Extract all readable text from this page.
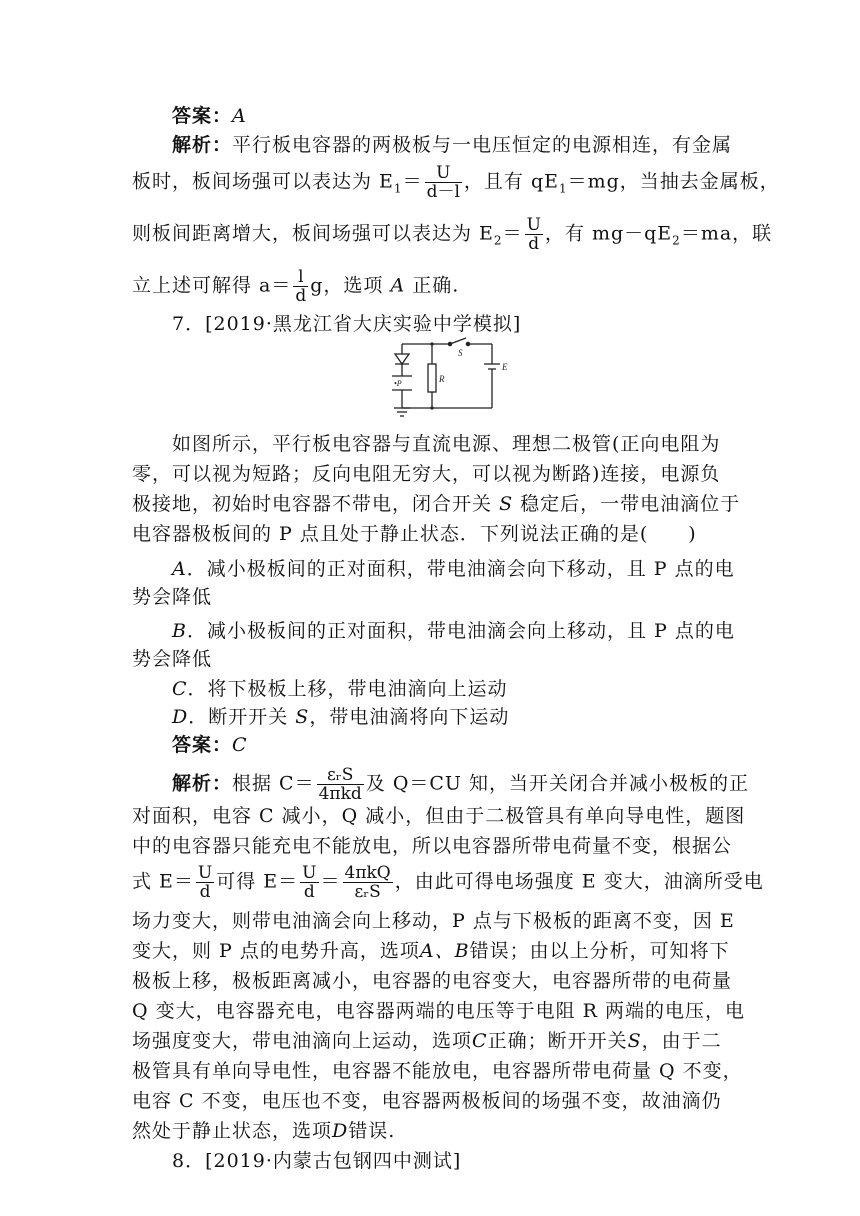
答案：A
解析：平行板电容器的两极板与一电压恒定的电源相连，有金属
板时，板间场强可以表达为 $E_1= \frac{U}{d-l}$ ，且有 $qE_1=mg$，当抽去金属板，
则板间距离增大，板间场强可以表达为 $E_2= \frac{U}{d}$ ，有 $mg-qE_2=ma$，联
立上述可解得 $a= \frac{l}{d}$ g，选项 A 正确.
7．[2019·黑龙江省大庆实验中学模拟]
S
E
R
•P
如图所示，平行板电容器与直流电源、理想二极管(正向电阻为
零，可以视为短路；反向电阻无穷大，可以视为断路)连接，电源负
极接地，初始时电容器不带电，闭合开关 S 稳定后，一带电油滴位于
电容器极板间的 P 点且处于静止状态．下列说法正确的是(　　)
A．减小极板间的正对面积，带电油滴会向下移动，且 P 点的电
势会降低
B．减小极板间的正对面积，带电油滴会向上移动，且 P 点的电
势会降低
C．将下极板上移，带电油滴向上运动
D．断开开关 S，带电油滴将向下运动
答案：C
解析：根据 $C= \frac{\text{εᵣS}}{\text{4πkd}}$ 及 Q＝CU 知，当开关闭合并减小极板的正
对面积，电容 C 减小，Q 减小，但由于二极管具有单向导电性，题图
中的电容器只能充电不能放电，所以电容器所带电荷量不变，根据公
式 $E= \frac{U}{d}$ 可得 $E= \frac{U}{d} = \frac{\text{4πkQ}}{\text{εᵣS}}$ ，由此可得电场强度 E 变大，油滴所受电
场力变大，则带电油滴会向上移动，P 点与下极板的距离不变，因 E
变大，则 P 点的电势升高，选项A、B错误；由以上分析，可知将下
极板上移，极板距离减小，电容器的电容变大，电容器所带的电荷量
Q 变大，电容器充电，电容器两端的电压等于电阻 R 两端的电压，电
场强度变大，带电油滴向上运动，选项C正确；断开开关S，由于二
极管具有单向导电性，电容器不能放电，电容器所带电荷量 Q 不变，
电容 C 不变，电压也不变，电容器两极板间的场强不变，故油滴仍
然处于静止状态，选项D错误.
8．[2019·内蒙古包钢四中测试]
